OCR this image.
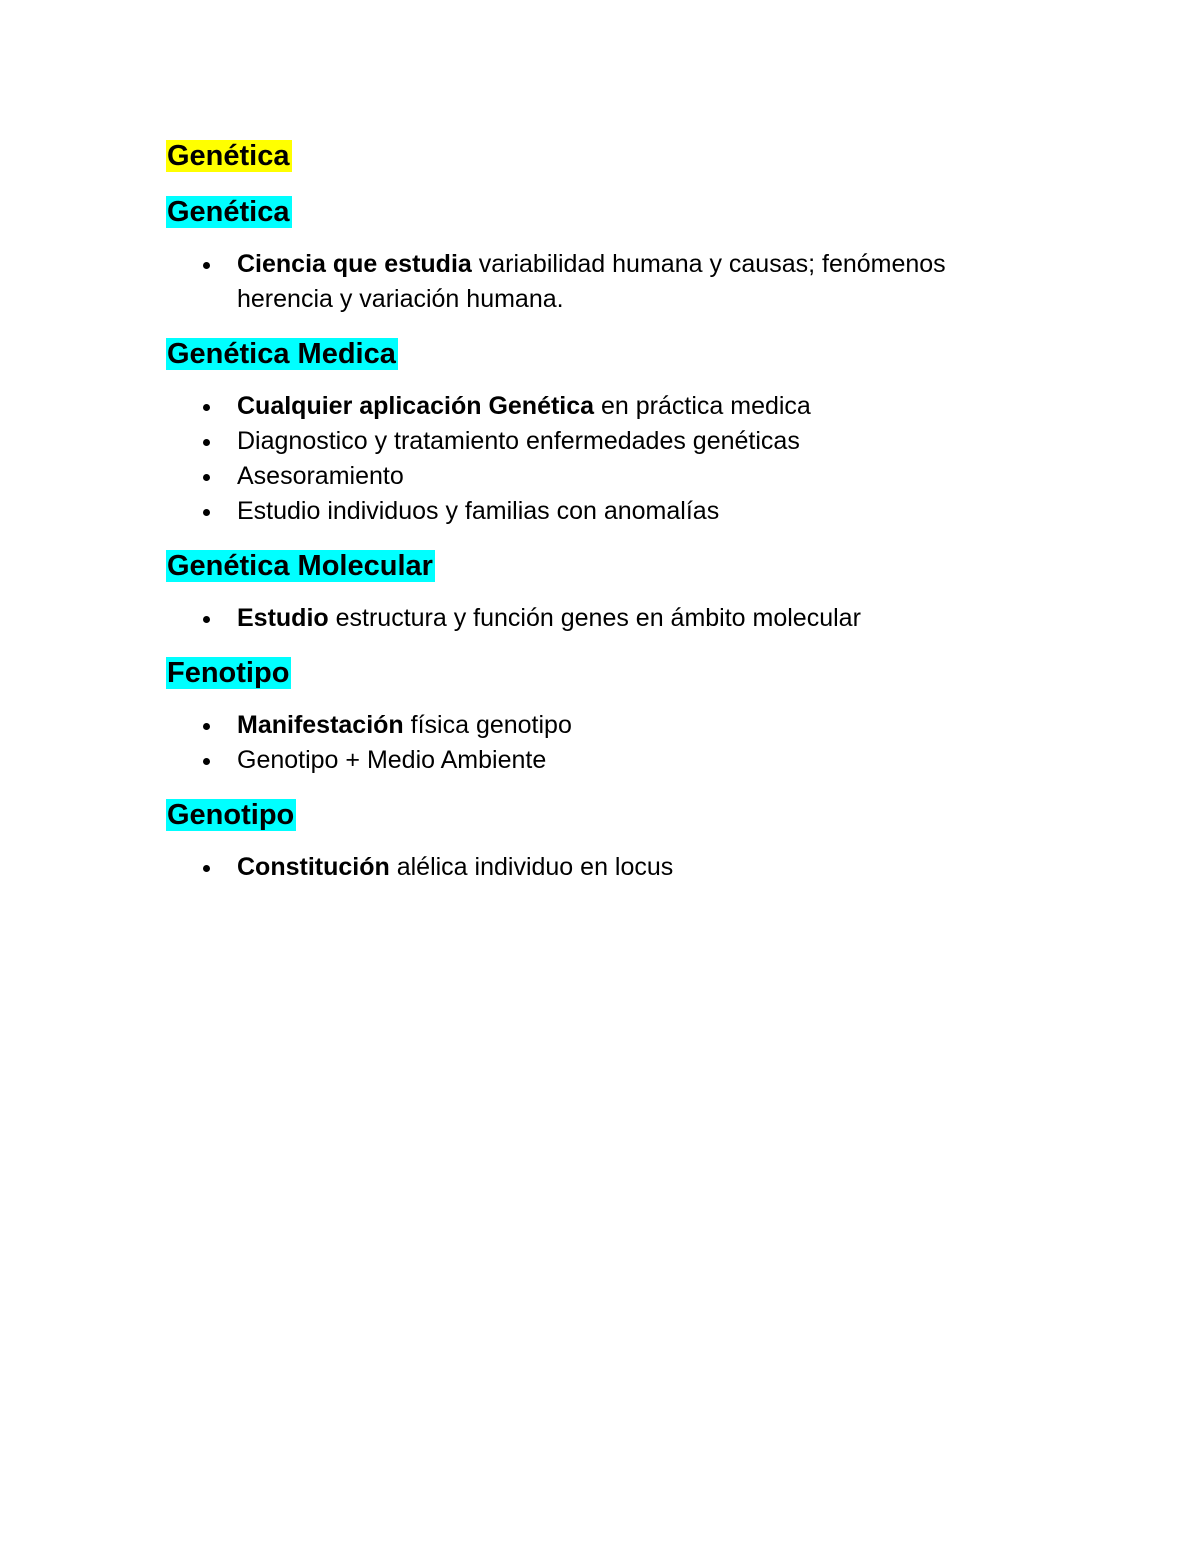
Genética
Genética
Ciencia que estudia variabilidad humana y causas; fenómenos herencia y variación humana.
Genética Medica
Cualquier aplicación Genética en práctica medica
Diagnostico y tratamiento enfermedades genéticas
Asesoramiento
Estudio individuos y familias con anomalías
Genética Molecular
Estudio estructura y función genes en ámbito molecular
Fenotipo
Manifestación física genotipo
Genotipo + Medio Ambiente
Genotipo
Constitución alélica individuo en locus
